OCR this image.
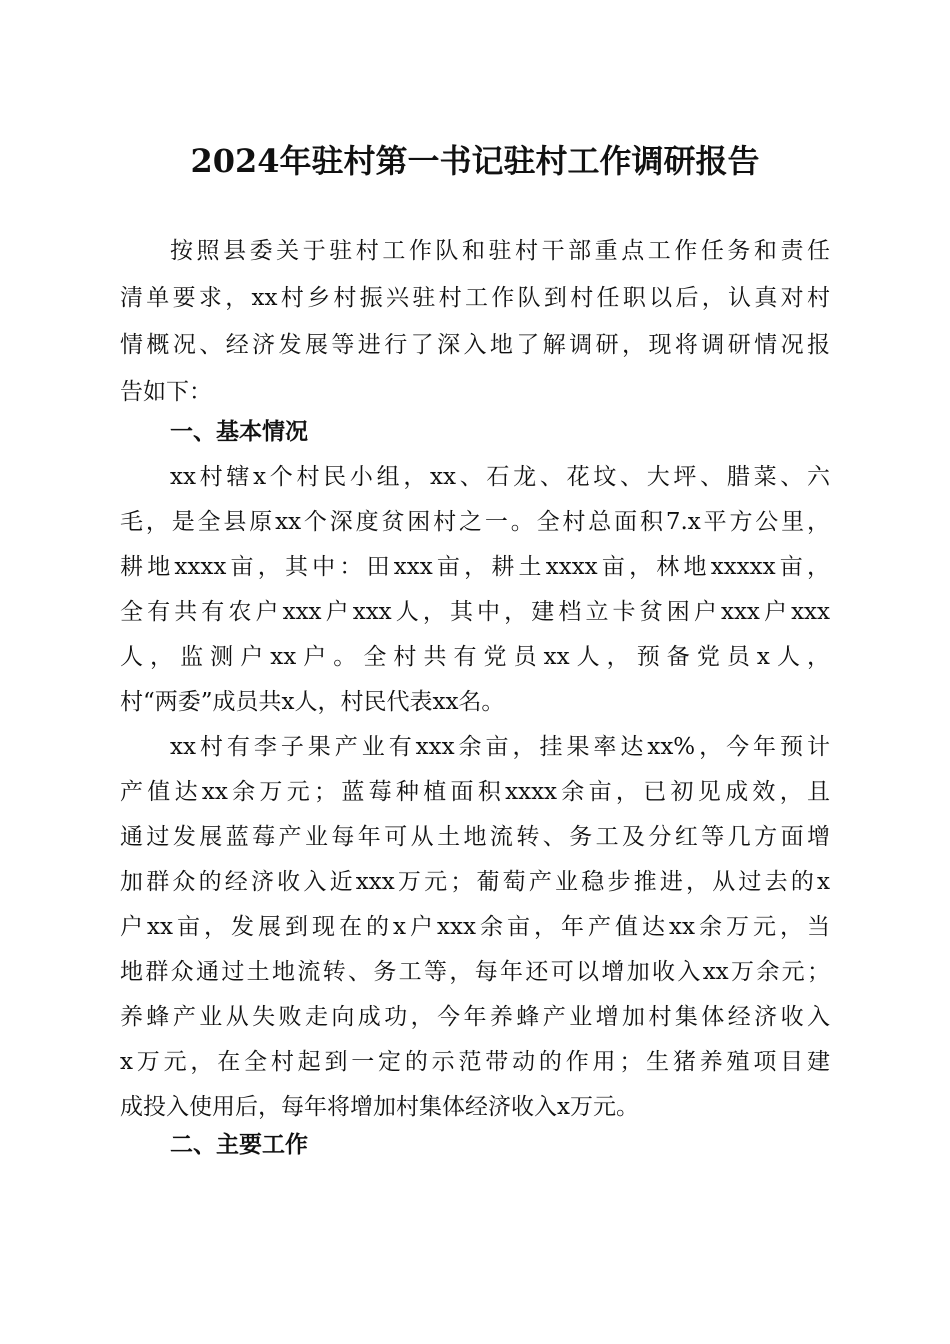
2024年驻村第一书记驻村工作调研报告
按照县委关于驻村工作队和驻村干部重点工作任务和责任
清单要求，xx村乡村振兴驻村工作队到村任职以后，认真对村
情概况、经济发展等进行了深入地了解调研，现将调研情况报
告如下：
一、基本情况
xx村辖x个村民小组，xx、石龙、花坟、大坪、腊菜、六
毛，是全县原xx个深度贫困村之一。全村总面积7.x平方公里，
耕地xxxx亩，其中：田xxx亩，耕土xxxx亩，林地xxxxx亩，
全有共有农户xxx户xxx人，其中，建档立卡贫困户xxx户xxx
人，监测户xx户。全村共有党员xx人，预备党员x人，
村“两委”成员共x人，村民代表xx名。
xx村有李子果产业有xxx余亩，挂果率达xx%，今年预计
产值达xx余万元；蓝莓种植面积xxxx余亩，已初见成效，且
通过发展蓝莓产业每年可从土地流转、务工及分红等几方面增
加群众的经济收入近xxx万元；葡萄产业稳步推进，从过去的x
户xx亩，发展到现在的x户xxx余亩，年产值达xx余万元，当
地群众通过土地流转、务工等，每年还可以增加收入xx万余元；
养蜂产业从失败走向成功，今年养蜂产业增加村集体经济收入
x万元，在全村起到一定的示范带动的作用；生猪养殖项目建
成投入使用后，每年将增加村集体经济收入x万元。
二、主要工作
